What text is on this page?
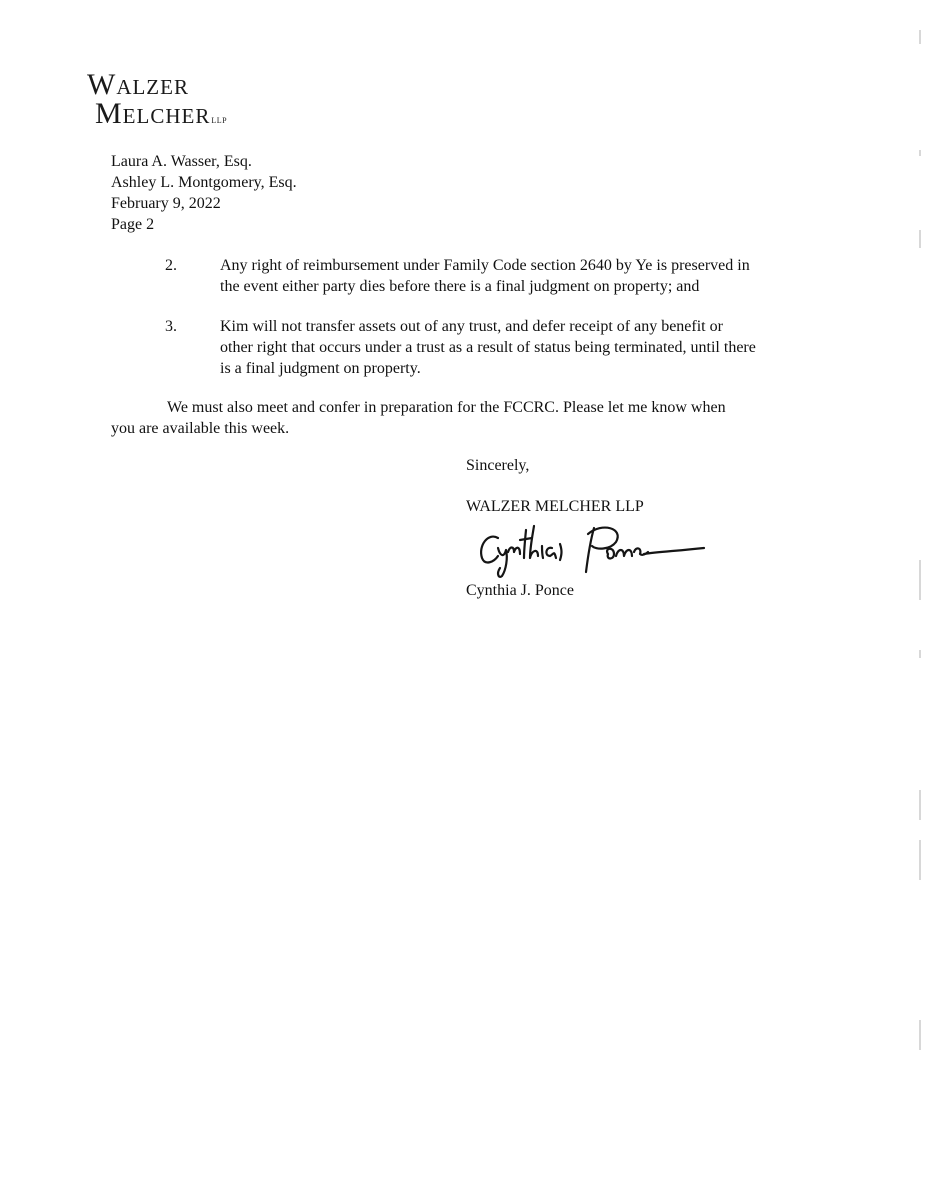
Walzer
Melcherllp
Laura A. Wasser, Esq.
Ashley L. Montgomery, Esq.
February 9, 2022
Page 2
2.	Any right of reimbursement under Family Code section 2640 by Ye is preserved in
the event either party dies before there is a final judgment on property; and
3.	Kim will not transfer assets out of any trust, and defer receipt of any benefit or
other right that occurs under a trust as a result of status being terminated, until there
is a final judgment on property.
We must also meet and confer in preparation for the FCCRC. Please let me know when
you are available this week.
Sincerely,
WALZER MELCHER LLP
Cynthia J. Ponce
